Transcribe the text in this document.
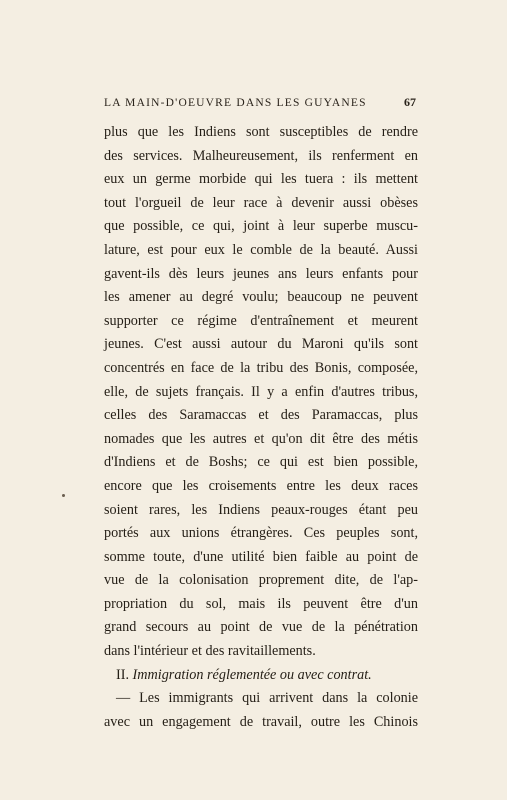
LA MAIN-D'OEUVRE DANS LES GUYANES	67
plus que les Indiens sont susceptibles de rendre
des services. Malheureusement, ils renferment en
eux un germe morbide qui les tuera : ils mettent
tout l'orgueil de leur race à devenir aussi obèses
que possible, ce qui, joint à leur superbe muscu-
lature, est pour eux le comble de la beauté. Aussi
gavent-ils dès leurs jeunes ans leurs enfants pour
les amener au degré voulu; beaucoup ne peuvent
supporter ce régime d'entraînement et meurent
jeunes. C'est aussi autour du Maroni qu'ils sont
concentrés en face de la tribu des Bonis, composée,
elle, de sujets français. Il y a enfin d'autres tribus,
celles des Saramaccas et des Paramaccas, plus
nomades que les autres et qu'on dit être des métis
d'Indiens et de Boshs; ce qui est bien possible,
encore que les croisements entre les deux races
soient rares, les Indiens peaux-rouges étant peu
portés aux unions étrangères. Ces peuples sont,
somme toute, d'une utilité bien faible au point de
vue de la colonisation proprement dite, de l'ap-
propriation du sol, mais ils peuvent être d'un
grand secours au point de vue de la pénétration
dans l'intérieur et des ravitaillements.
II. Immigration réglementée ou avec contrat.
— Les immigrants qui arrivent dans la colonie
avec un engagement de travail, outre les Chinois
